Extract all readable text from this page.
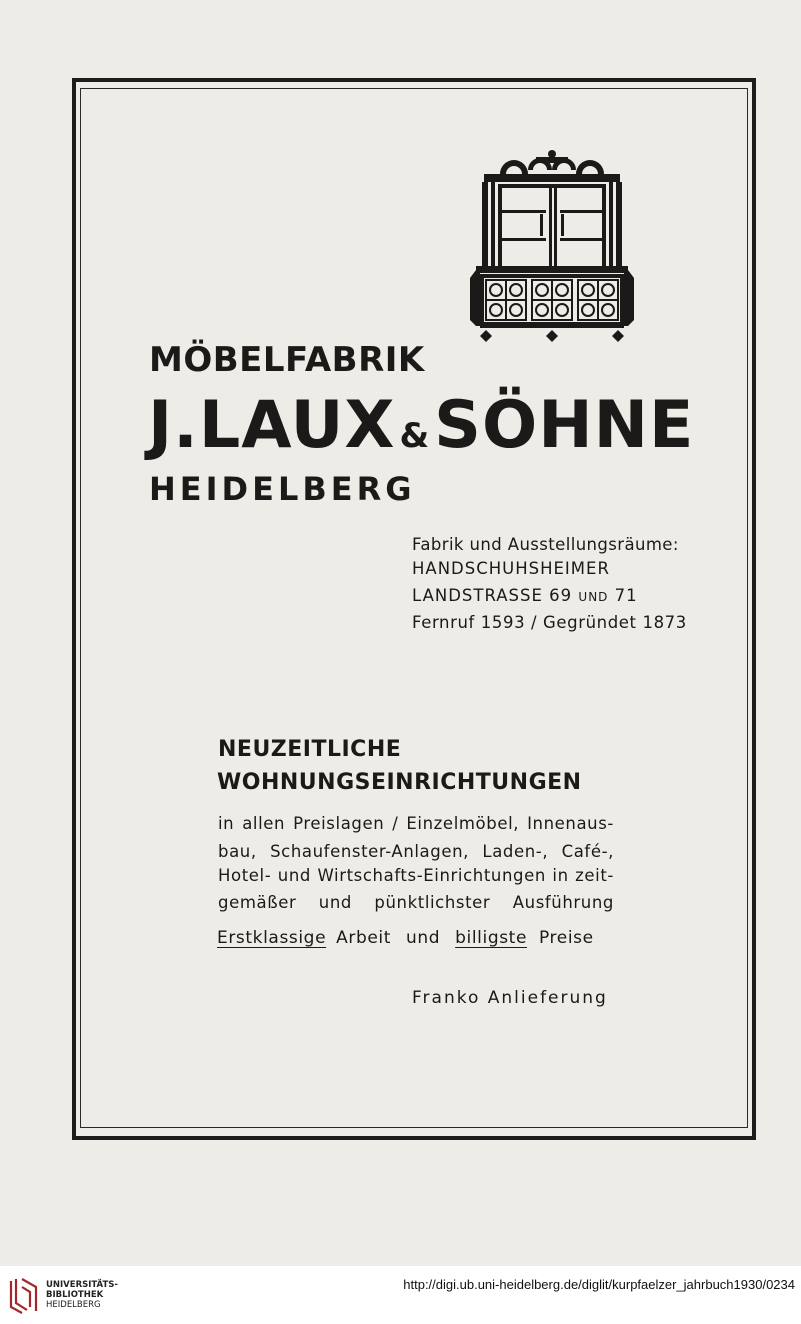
MÖBELFABRIK
J.LAUX &SÖHNE
HEIDELBERG
Fabrik und Ausstellungsräume:
HANDSCHUHSHEIMER
LANDSTRASSE 69 UND 71
Fernruf 1593 / Gegründet 1873
NEUZEITLICHE
WOHNUNGSEINRICHTUNGEN
in allen Preislagen / Einzelmöbel, Innenaus-
bau, Schaufenster-Anlagen, Laden-, Café-,
Hotel- und Wirtschafts-Einrichtungen in zeit-
gemäßer und pünktlichster Ausführung
Erstklassige Arbeit und billigste Preise
Franko Anlieferung
UNIVERSITÄTS-
BIBLIOTHEK
HEIDELBERG
http://digi.ub.uni-heidelberg.de/diglit/kurpfaelzer_jahrbuch1930/0234
